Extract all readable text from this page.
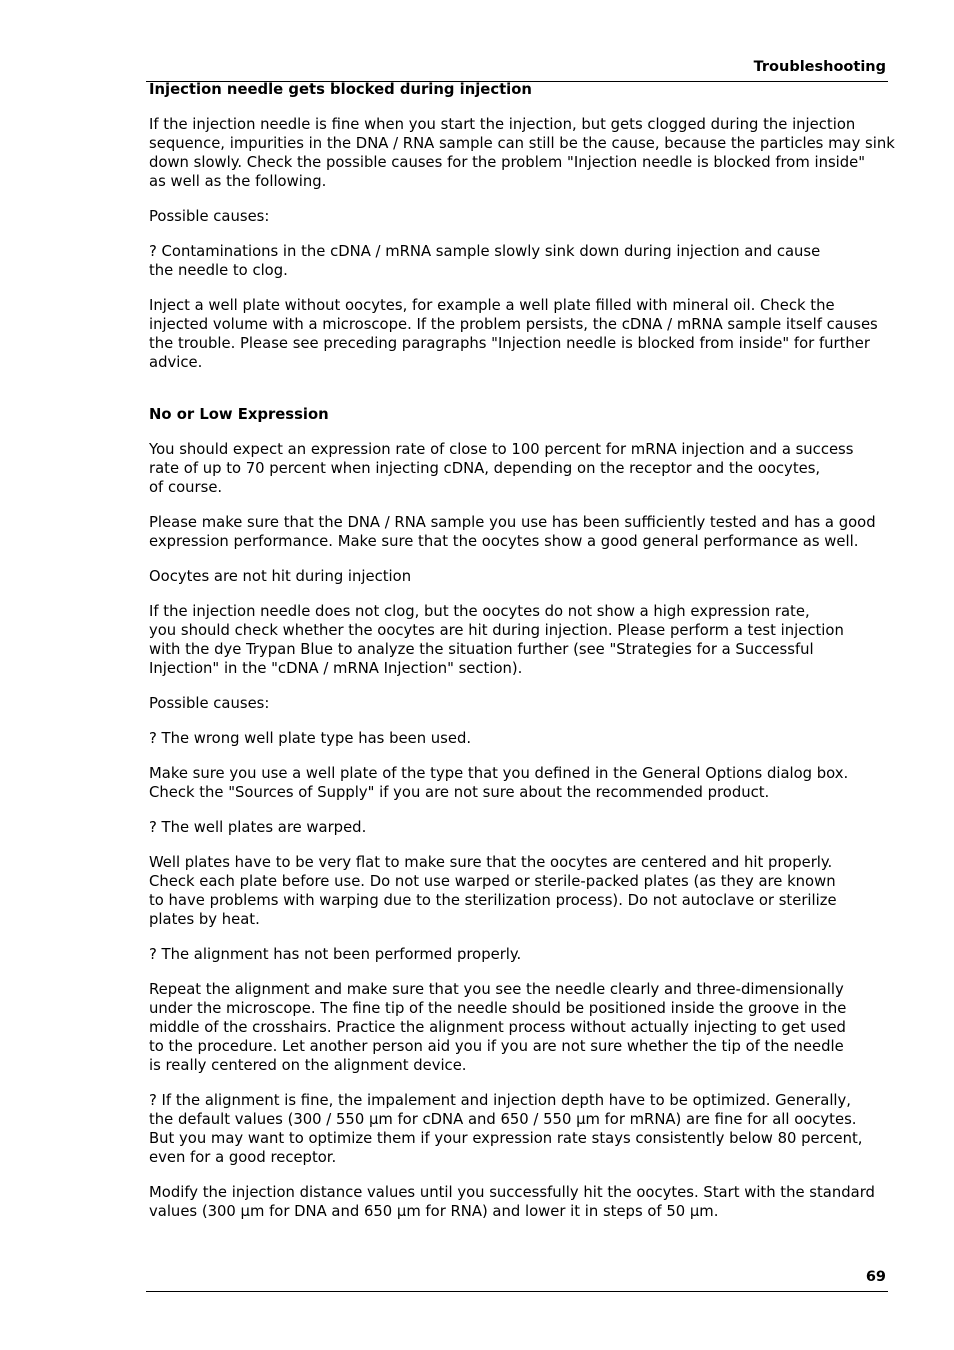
Troubleshooting
Injection needle gets blocked during injection

If the injection needle is fine when you start the injection, but gets clogged during the injection
sequence, impurities in the DNA / RNA sample can still be the cause, because the particles may sink
down slowly. Check the possible causes for the problem "Injection needle is blocked from inside"
as well as the following.

Possible causes:

? Contaminations in the cDNA / mRNA sample slowly sink down during injection and cause
the needle to clog.

Inject a well plate without oocytes, for example a well plate filled with mineral oil. Check the
injected volume with a microscope. If the problem persists, the cDNA / mRNA sample itself causes
the trouble. Please see preceding paragraphs "Injection needle is blocked from inside" for further
advice.

No or Low Expression

You should expect an expression rate of close to 100 percent for mRNA injection and a success
rate of up to 70 percent when injecting cDNA, depending on the receptor and the oocytes,
of course.

Please make sure that the DNA / RNA sample you use has been sufficiently tested and has a good
expression performance. Make sure that the oocytes show a good general performance as well.

Oocytes are not hit during injection

If the injection needle does not clog, but the oocytes do not show a high expression rate,
you should check whether the oocytes are hit during injection. Please perform a test injection
with the dye Trypan Blue to analyze the situation further (see "Strategies for a Successful
Injection" in the "cDNA / mRNA Injection" section).

Possible causes:

? The wrong well plate type has been used.

Make sure you use a well plate of the type that you defined in the General Options dialog box.
Check the "Sources of Supply" if you are not sure about the recommended product.

? The well plates are warped.

Well plates have to be very flat to make sure that the oocytes are centered and hit properly.
Check each plate before use. Do not use warped or sterile-packed plates (as they are known
to have problems with warping due to the sterilization process). Do not autoclave or sterilize
plates by heat.

? The alignment has not been performed properly.

Repeat the alignment and make sure that you see the needle clearly and three-dimensionally
under the microscope. The fine tip of the needle should be positioned inside the groove in the
middle of the crosshairs. Practice the alignment process without actually injecting to get used
to the procedure. Let another person aid you if you are not sure whether the tip of the needle
is really centered on the alignment device.

? If the alignment is fine, the impalement and injection depth have to be optimized. Generally,
the default values (300 / 550 µm for cDNA and 650 / 550 µm for mRNA) are fine for all oocytes.
But you may want to optimize them if your expression rate stays consistently below 80 percent,
even for a good receptor.

Modify the injection distance values until you successfully hit the oocytes. Start with the standard
values (300 µm for DNA and 650 µm for RNA) and lower it in steps of 50 µm.

69
